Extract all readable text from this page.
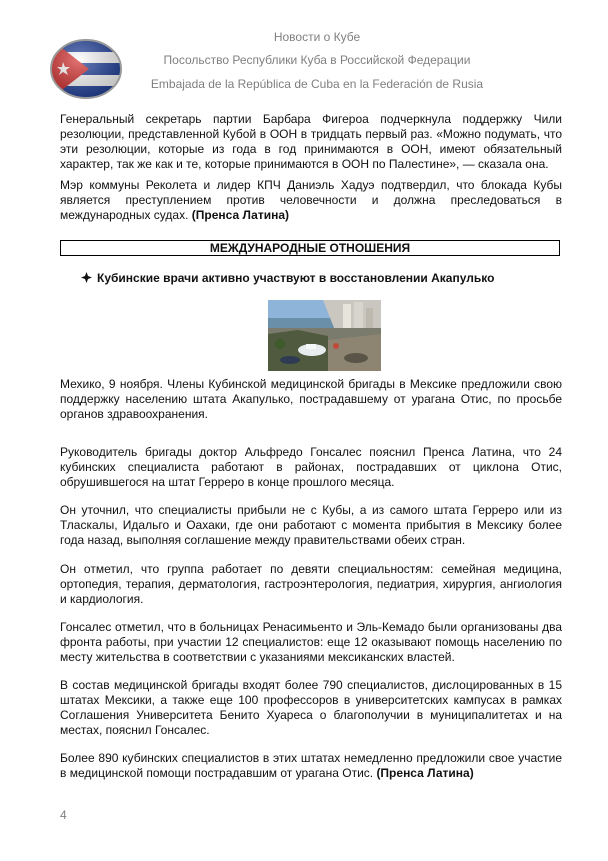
Новости о Кубе
Посольство Республики Куба в Российской Федерации
Embajada de la República de Cuba en la Federación de Rusia

Генеральный секретарь партии Барбара Фигероа подчеркнула поддержку Чили резолюции, представленной Кубой в ООН в тридцать первый раз. «Можно подумать, что эти резолюции, которые из года в год принимаются в ООН, имеют обязательный характер, так же как и те, которые принимаются в ООН по Палестине», — сказала она.

Мэр коммуны Реколета и лидер КПЧ Даниэль Хадуэ подтвердил, что блокада Кубы является преступлением против человечности и должна преследоваться в международных судах. (Пренса Латина)

МЕЖДУНАРОДНЫЕ ОТНОШЕНИЯ
Кубинские врачи активно участвуют в восстановлении Акапулько

Мехико, 9 ноября. Члены Кубинской медицинской бригады в Мексике предложили свою поддержку населению штата Акапулько, пострадавшему от урагана Отис, по просьбе органов здравоохранения.

Руководитель бригады доктор Альфредо Гонсалес пояснил Пренса Латина, что 24 кубинских специалиста работают в районах, пострадавших от циклона Отис, обрушившегося на штат Герреро в конце прошлого месяца.

Он уточнил, что специалисты прибыли не с Кубы, а из самого штата Герреро или из Тласкалы, Идальго и Оахаки, где они работают с момента прибытия в Мексику более года назад, выполняя соглашение между правительствами обеих стран.

Он отметил, что группа работает по девяти специальностям: семейная медицина, ортопедия, терапия, дерматология, гастроэнтерология, педиатрия, хирургия, ангиология и кардиология.

Гонсалес отметил, что в больницах Ренасимьенто и Эль-Кемадо были организованы два фронта работы, при участии 12 специалистов: еще 12 оказывают помощь населению по месту жительства в соответствии с указаниями мексиканских властей.

В состав медицинской бригады входят более 790 специалистов, дислоцированных в 15 штатах Мексики, а также еще 100 профессоров в университетских кампусах в рамках Соглашения Университета Бенито Хуареса о благополучии в муниципалитетах и на местах, пояснил Гонсалес.

Более 890 кубинских специалистов в этих штатах немедленно предложили свое участие в медицинской помощи пострадавшим от урагана Отис. (Пренса Латина)

4
